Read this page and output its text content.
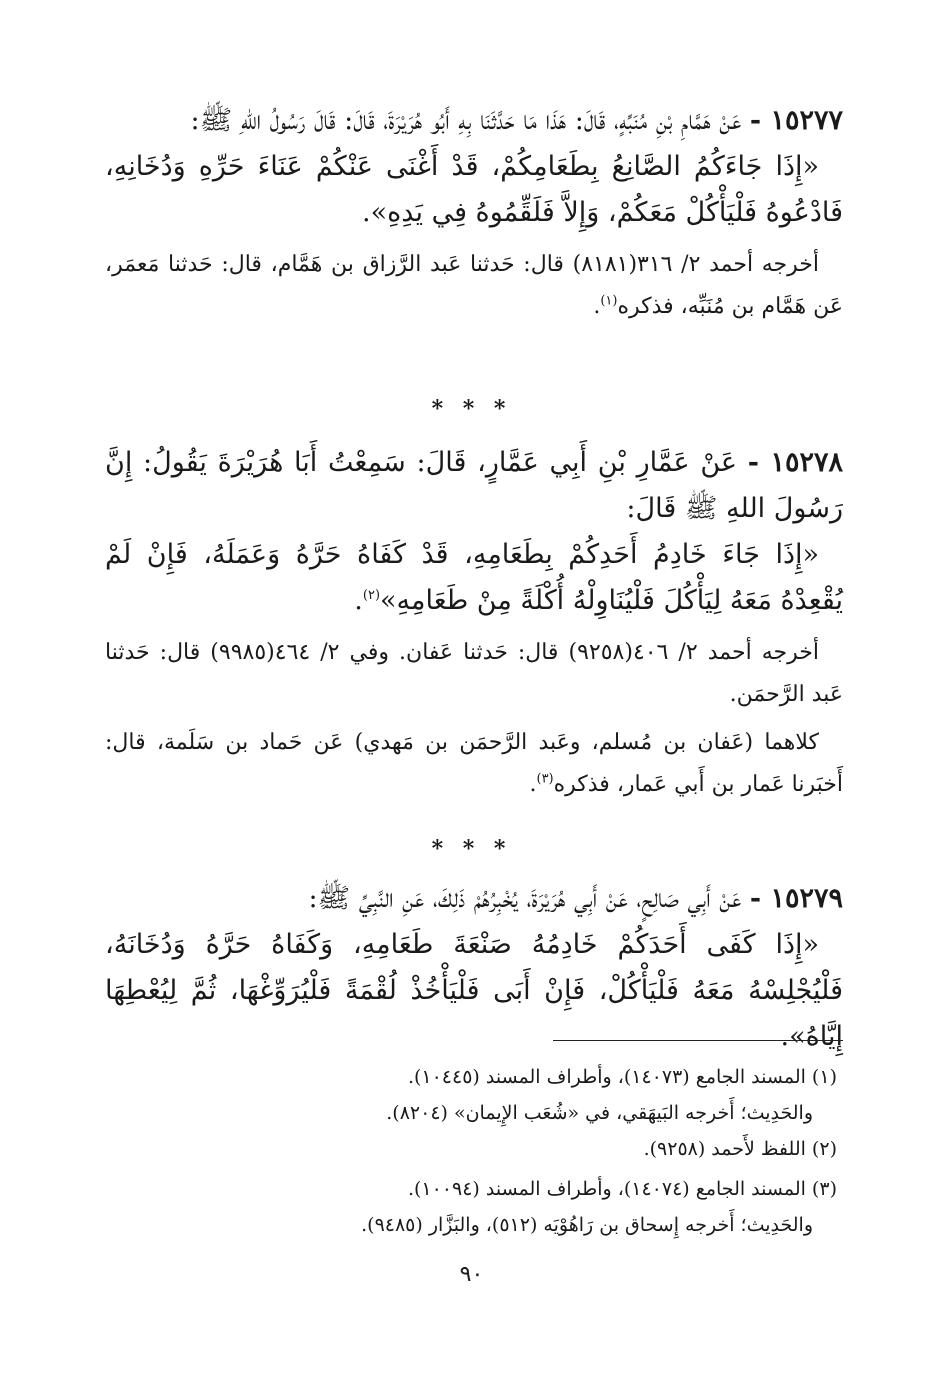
١٥٢٧٧ - عَنْ هَمَّامِ بْنِ مُنَبِّهٍ، قَالَ: هَذَا مَا حَدَّثَنَا بِهِ أَبُو هُرَيْرَةَ، قَالَ: قَالَ رَسُولُ اللهِ ﷺ:

«إِذَا جَاءَكُمُ الصَّانِعُ بِطَعَامِكُمْ، قَدْ أَغْنَى عَنْكُمْ عَنَاءَ حَرِّهِ وَدُخَانِهِ، فَادْعُوهُ فَلْيَأْكُلْ مَعَكُمْ، وَإِلاَّ فَلَقِّمُوهُ فِي يَدِهِ».

أخرجه أحمد ٢/ ٣١٦(٨١٨١) قال: حَدثنا عَبد الرَّزاق بن هَمَّام، قال: حَدثنا مَعمَر، عَن هَمَّام بن مُنَبِّه، فذكره$^{(١)}$.

* * *

١٥٢٧٨ - عَنْ عَمَّارِ بْنِ أَبِي عَمَّارٍ، قَالَ: سَمِعْتُ أَبَا هُرَيْرَةَ يَقُولُ: إِنَّ رَسُولَ اللهِ ﷺ قَالَ:

«إِذَا جَاءَ خَادِمُ أَحَدِكُمْ بِطَعَامِهِ، قَدْ كَفَاهُ حَرَّهُ وَعَمَلَهُ، فَإِنْ لَمْ يُقْعِدْهُ مَعَهُ لِيَأْكُلَ فَلْيُنَاوِلْهُ أُكْلَةً مِنْ طَعَامِهِ»$^{(٢)}$.

أخرجه أحمد ٢/ ٤٠٦(٩٢٥٨) قال: حَدثنا عَفان. وفي ٢/ ٤٦٤(٩٩٨٥) قال: حَدثنا عَبد الرَّحمَن.

كلاهما (عَفان بن مُسلم، وعَبد الرَّحمَن بن مَهدي) عَن حَماد بن سَلَمة، قال: أَخبَرنا عَمار بن أَبي عَمار، فذكره$^{(٣)}$.

* * *

١٥٢٧٩ - عَنْ أَبِي صَالِحٍ، عَنْ أَبِي هُرَيْرَةَ، يُخْبِرُهُمْ ذَلِكَ، عَنِ النَّبِيِّ ﷺ:

«إِذَا كَفَى أَحَدَكُمْ خَادِمُهُ صَنْعَةَ طَعَامِهِ، وَكَفَاهُ حَرَّهُ وَدُخَانَهُ، فَلْيُجْلِسْهُ مَعَهُ فَلْيَأْكُلْ، فَإِنْ أَبَى فَلْيَأْخُذْ لُقْمَةً فَلْيُرَوِّغْهَا، ثُمَّ لِيُعْطِهَا إِيَّاهُ».

(١) المسند الجامع (١٤٠٧٣)، وأطراف المسند (١٠٤٤٥).

والحَدِيث؛ أَخرجه البَيهَقي، في «شُعَب الإِيمان» (٨٢٠٤).

(٢) اللفظ لأَحمد (٩٢٥٨).

(٣) المسند الجامع (١٤٠٧٤)، وأطراف المسند (١٠٠٩٤).

والحَدِيث؛ أَخرجه إِسحاق بن رَاهُوْيَه (٥١٢)، والبَزَّار (٩٤٨٥).

٩٠
